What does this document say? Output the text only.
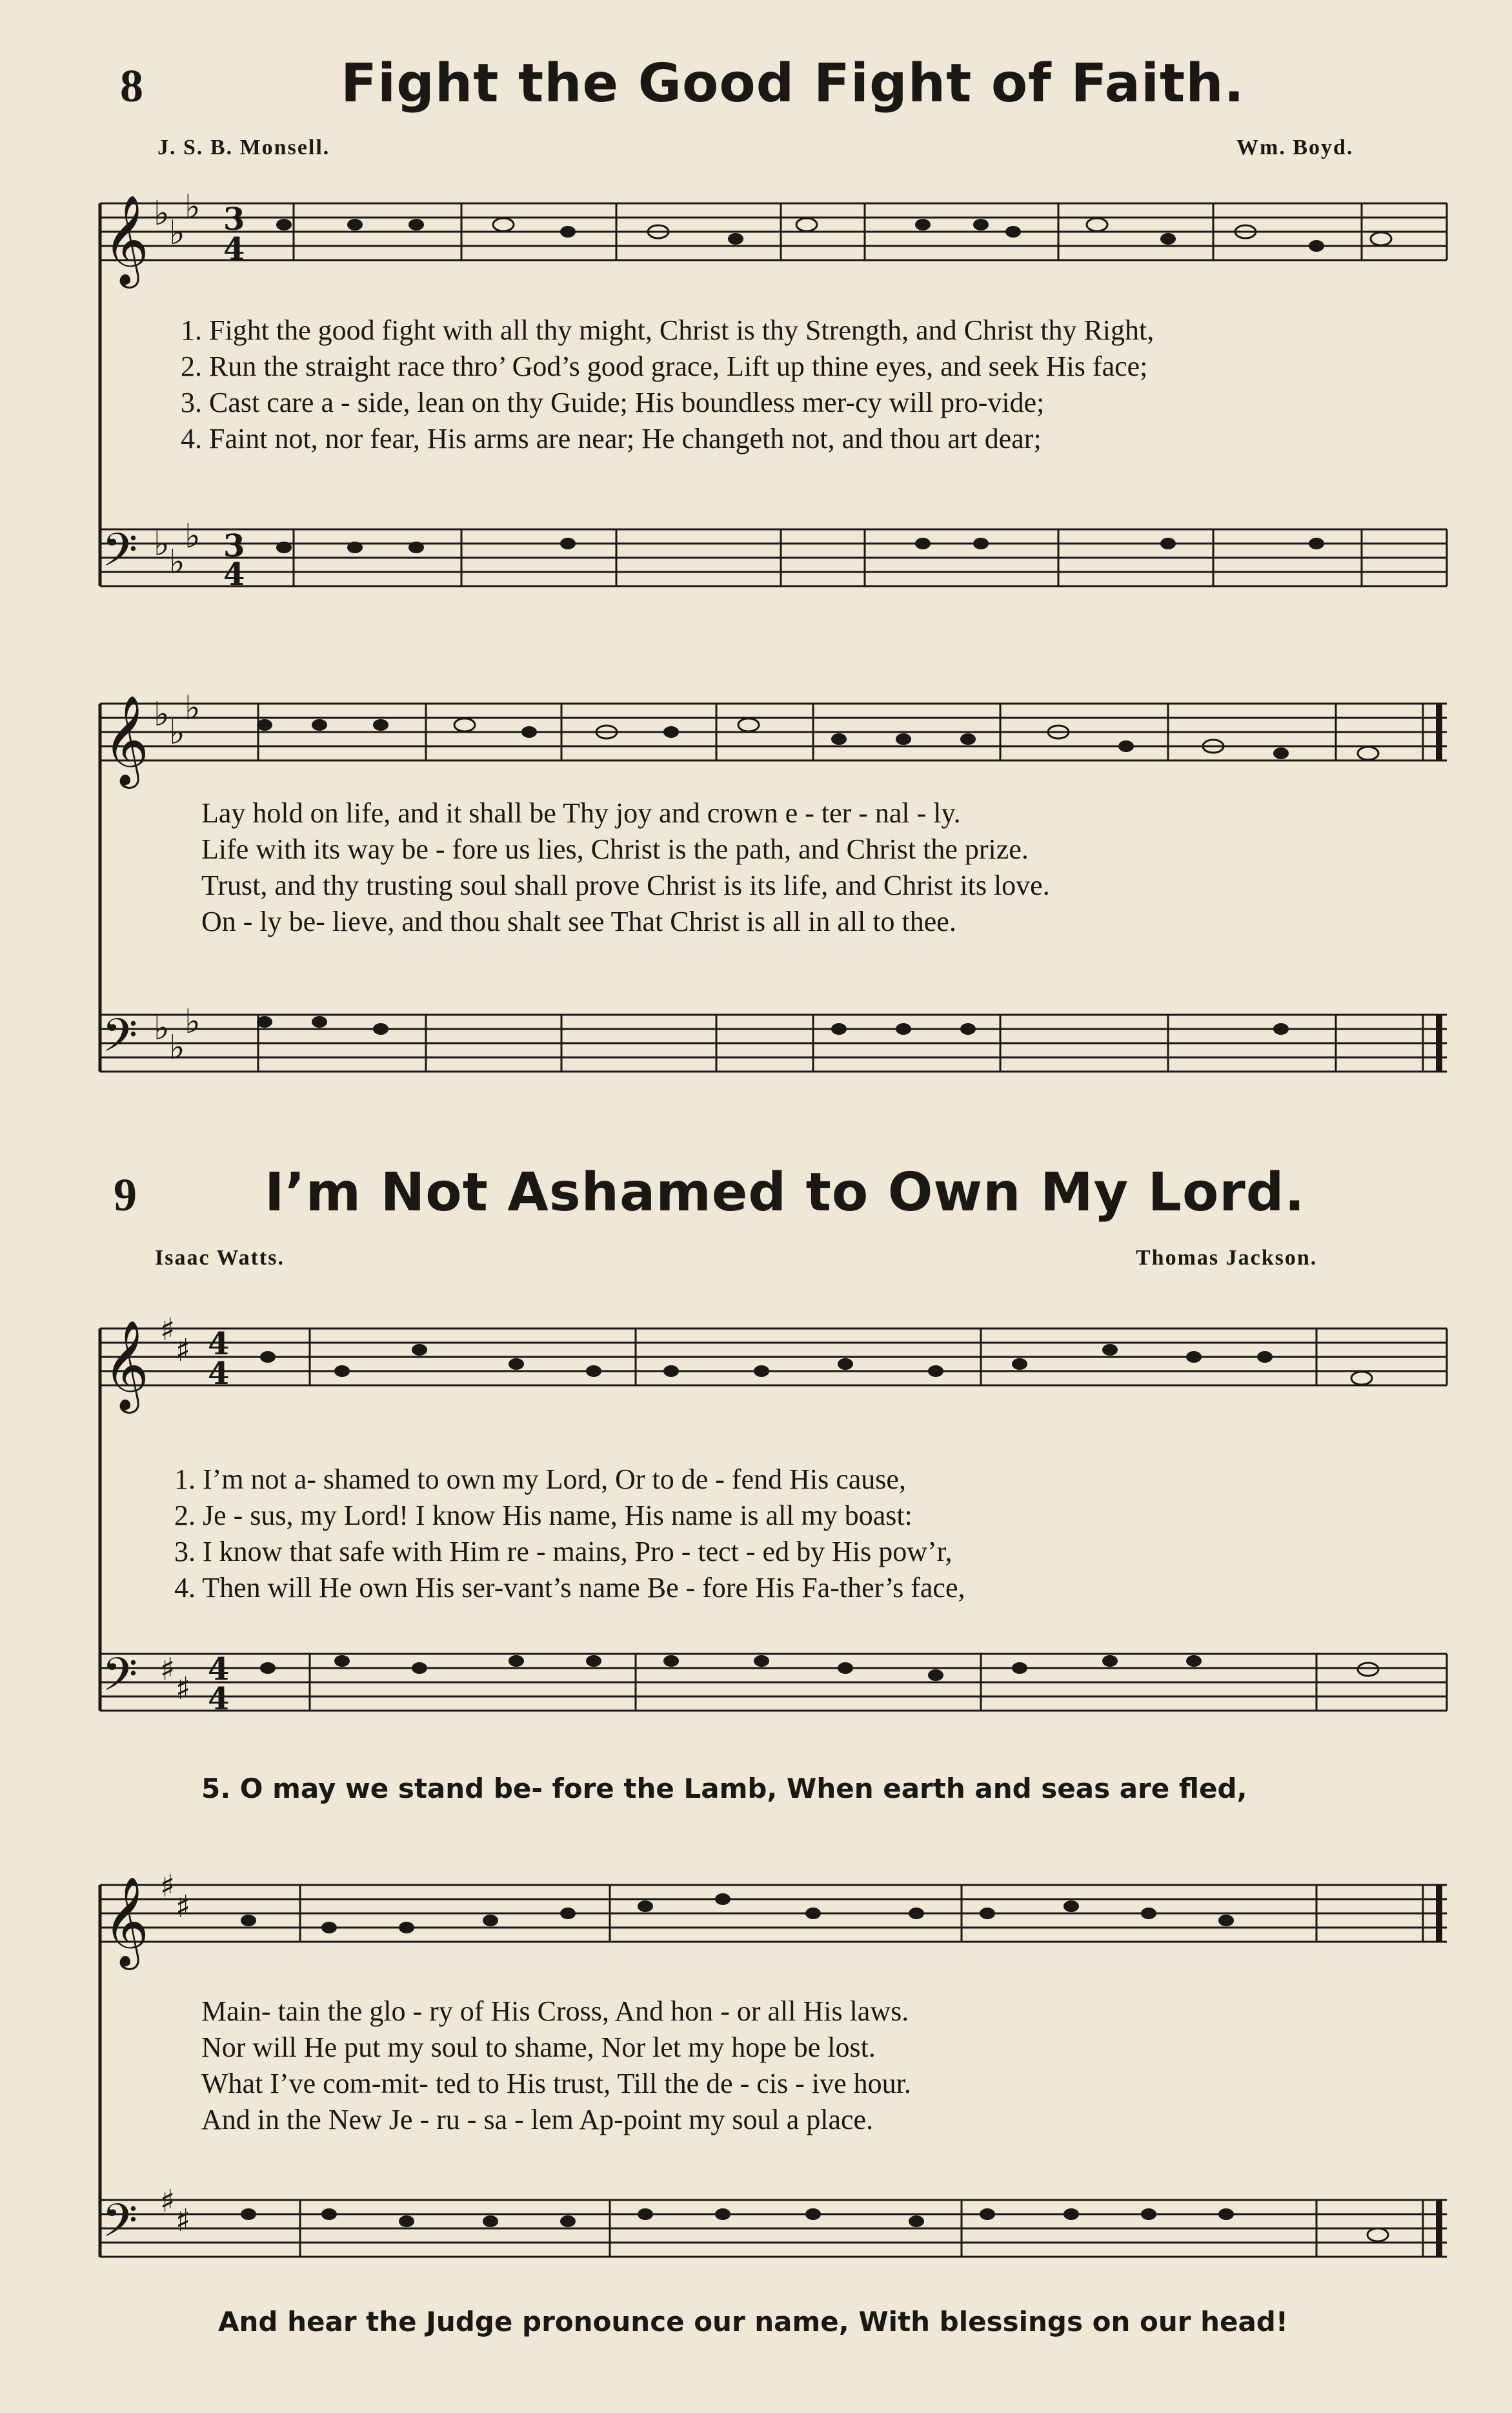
8	Fight the Good Fight of Faith.
J. S. B. Monsell.	Wm. Boyd.
𝄞
𝄢
𝄞
𝄢
𝄞
𝄢
𝄞
𝄢
♭ ♭
♭
♭ ♭
♭
♭ ♭
♭
♭ ♭
♭
♯
♯
♯
♯
♯
♯
♯
♯
3
4
3
4
4
4
4
4
1. Fight the good fight with all thy might, Christ is thy Strength, and Christ thy Right,
2. Run the straight race thro’ God’s good grace, Lift up thine eyes, and seek His face;
3. Cast care a - side, lean on thy Guide; His boundless mer-cy will pro-vide;
4. Faint not, nor fear, His arms are near; He changeth not, and thou art dear;
Lay hold on life, and it shall be Thy joy and crown e - ter - nal - ly.
Life with its way be - fore us lies, Christ is the path, and Christ the prize.
Trust, and thy trusting soul shall prove Christ is its life, and Christ its love.
On - ly be- lieve, and thou shalt see That Christ is all in all to thee.
9 I’m Not Ashamed to Own My Lord.
Isaac Watts.	Thomas Jackson.
1. I’m not a- shamed to own my Lord, Or to de - fend His cause,
2. Je - sus, my Lord! I know His name, His name is all my boast:
3. I know that safe with Him re - mains, Pro - tect - ed by His pow’r,
4. Then will He own His ser-vant’s name Be - fore His Fa-ther’s face,
5. O may we stand be- fore the Lamb, When earth and seas are fled,
Main- tain the glo - ry of His Cross, And hon - or all His laws.
Nor will He put my soul to shame, Nor let my hope be lost.
What I’ve com-mit- ted to His trust, Till the de - cis - ive hour.
And in the New Je - ru - sa - lem Ap-point my soul a place.
And hear the Judge pronounce our name, With blessings on our head!
